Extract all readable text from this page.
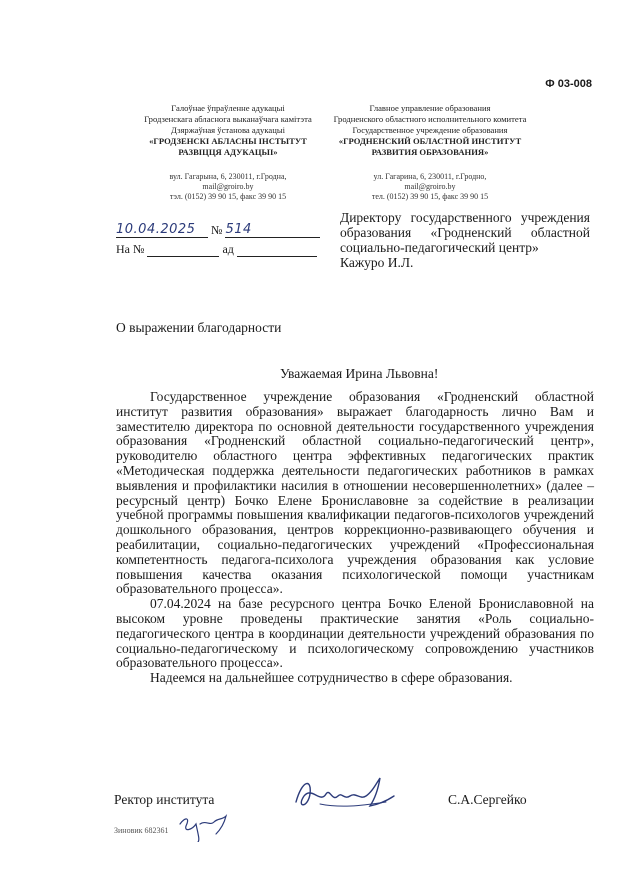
Ф 03-008
Галоўнае ўпраўленне адукацыі
Гродзенскага абласнога выканаўчага камітэта
Дзяржаўная ўстанова адукацыі
«ГРОДЗЕНСКІ АБЛАСНЫ ІНСТЫТУТ
РАЗВІЦЦЯ АДУКАЦЫІ»
вул. Гагарына, 6, 230011, г.Гродна,
mail@groiro.by
тэл. (0152) 39 90 15, факс 39 90 15
Главное управление образования
Гродненского областного исполнительного комитета
Государственное учреждение образования
«ГРОДНЕНСКИЙ ОБЛАСТНОЙ ИНСТИТУТ
РАЗВИТИЯ ОБРАЗОВАНИЯ»
ул. Гагарина, 6, 230011, г.Гродно,
mail@groiro.by
тел. (0152) 39 90 15, факс 39 90 15
10.04.2025 № 514
На №	ад
Директору государственного учреждения образования «Гродненский областной социально-педагогический центр»
Кажуро И.Л.
О выражении благодарности
Уважаемая Ирина Львовна!

Государственное учреждение образования «Гродненский областной институт развития образования» выражает благодарность лично Вам и заместителю директора по основной деятельности государственного учреждения образования «Гродненский областной социально-педагогический центр», руководителю областного центра эффективных педагогических практик «Методическая поддержка деятельности педагогических работников в рамках выявления и профилактики насилия в отношении несовершеннолетних» (далее – ресурсный центр) Бочко Елене Брониславовне за содействие в реализации учебной программы повышения квалификации педагогов-психологов учреждений дошкольного образования, центров коррекционно-развивающего обучения и реабилитации, социально-педагогических учреждений «Профессиональная компетентность педагога-психолога учреждения образования как условие повышения качества оказания психологической помощи участникам образовательного процесса».

07.04.2024 на базе ресурсного центра Бочко Еленой Брониславовной на высоком уровне проведены практические занятия «Роль социально-педагогического центра в координации деятельности учреждений образования по социально-педагогическому и психологическому сопровождению участников образовательного процесса».

Надеемся на дальнейшее сотрудничество в сфере образования.

Ректор института	С.А.Сергейко
Зиновик 682361
